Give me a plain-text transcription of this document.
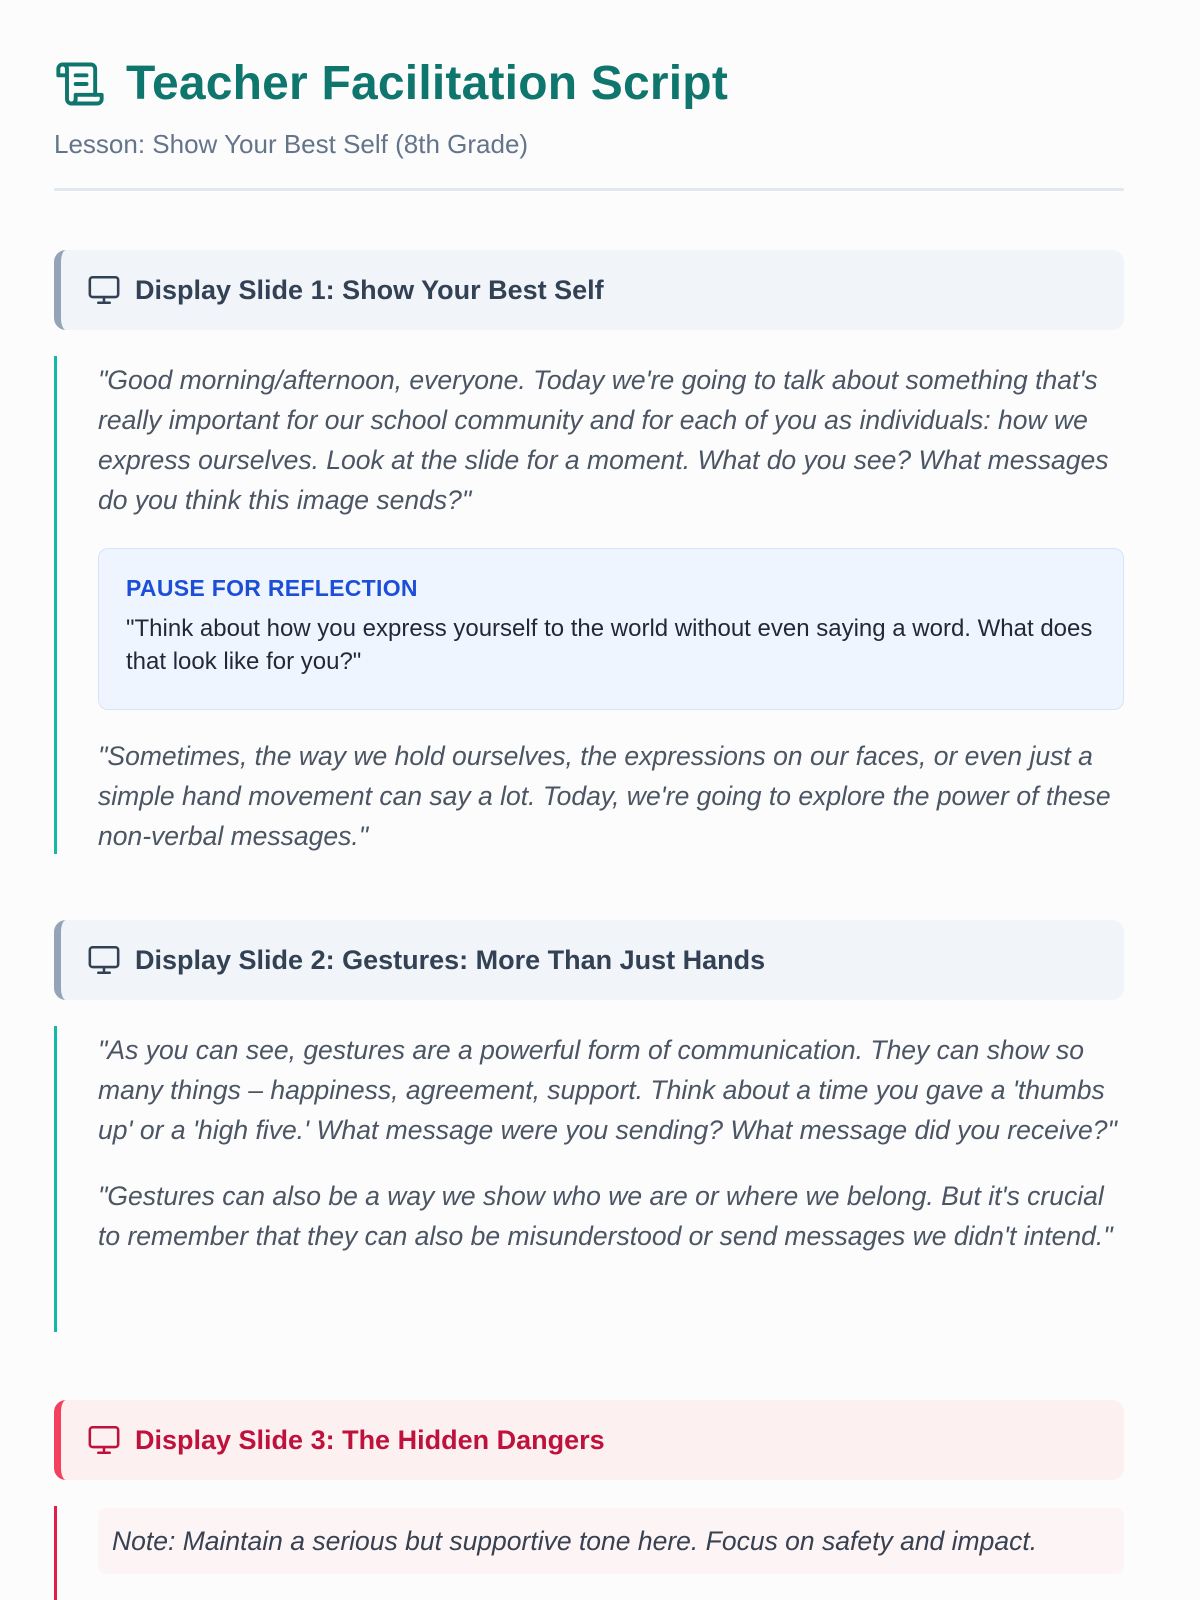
Teacher Facilitation Script
Lesson: Show Your Best Self (8th Grade)
Display Slide 1: Show Your Best Self

"Good morning/afternoon, everyone. Today we're going to talk about something that's really important for our school community and for each of you as individuals: how we express ourselves. Look at the slide for a moment. What do you see? What messages do you think this image sends?"

PAUSE FOR REFLECTION
"Think about how you express yourself to the world without even saying a word. What does that look like for you?"

"Sometimes, the way we hold ourselves, the expressions on our faces, or even just a simple hand movement can say a lot. Today, we're going to explore the power of these non-verbal messages."

Display Slide 2: Gestures: More Than Just Hands

"As you can see, gestures are a powerful form of communication. They can show so many things – happiness, agreement, support. Think about a time you gave a 'thumbs up' or a 'high five.' What message were you sending? What message did you receive?"

"Gestures can also be a way we show who we are or where we belong. But it's crucial to remember that they can also be misunderstood or send messages we didn't intend."

Display Slide 3: The Hidden Dangers
Note: Maintain a serious but supportive tone here. Focus on safety and impact.
